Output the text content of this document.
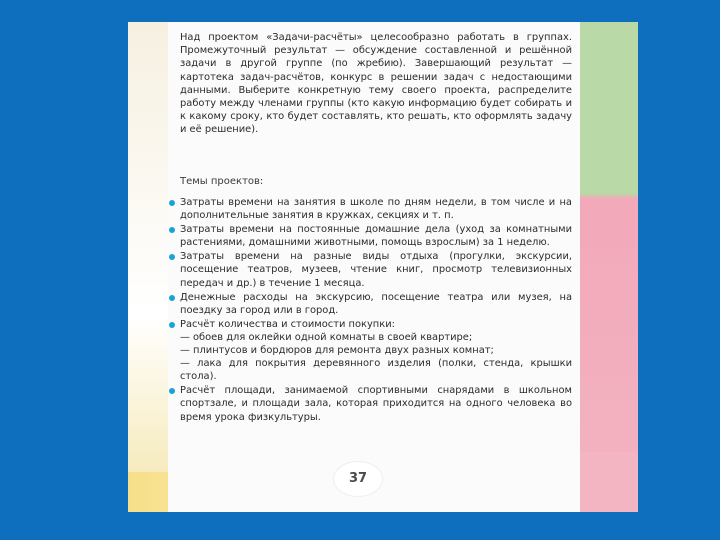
Над проектом «Задачи-расчёты» целесообразно работать в группах. Промежуточный результат — обсуждение составленной и решённой задачи в другой группе (по жребию). Завершающий результат — картотека задач-расчётов, конкурс в решении задач с недостающими данными. Выберите конкретную тему своего проекта, распределите работу между членами группы (кто какую информацию будет собирать и к какому сроку, кто будет составлять, кто решать, кто оформлять задачу и её решение).

Темы проектов:

Затраты времени на занятия в школе по дням недели, в том числе и на дополнительные занятия в кружках, секциях и т. п.
Затраты времени на постоянные домашние дела (уход за комнатными растениями, домашними животными, помощь взрослым) за 1 неделю.
Затраты времени на разные виды отдыха (прогулки, экскурсии, посещение театров, музеев, чтение книг, просмотр телевизионных передач и др.) в течение 1 месяца.
Денежные расходы на экскурсию, посещение театра или музея, на поездку за город или в город.
Расчёт количества и стоимости покупки:
— обоев для оклейки одной комнаты в своей квартире;
— плинтусов и бордюров для ремонта двух разных комнат;
— лака для покрытия деревянного изделия (полки, стенда, крышки стола).
Расчёт площади, занимаемой спортивными снарядами в школьном спортзале, и площади зала, которая приходится на одного человека во время урока физкультуры.
37
